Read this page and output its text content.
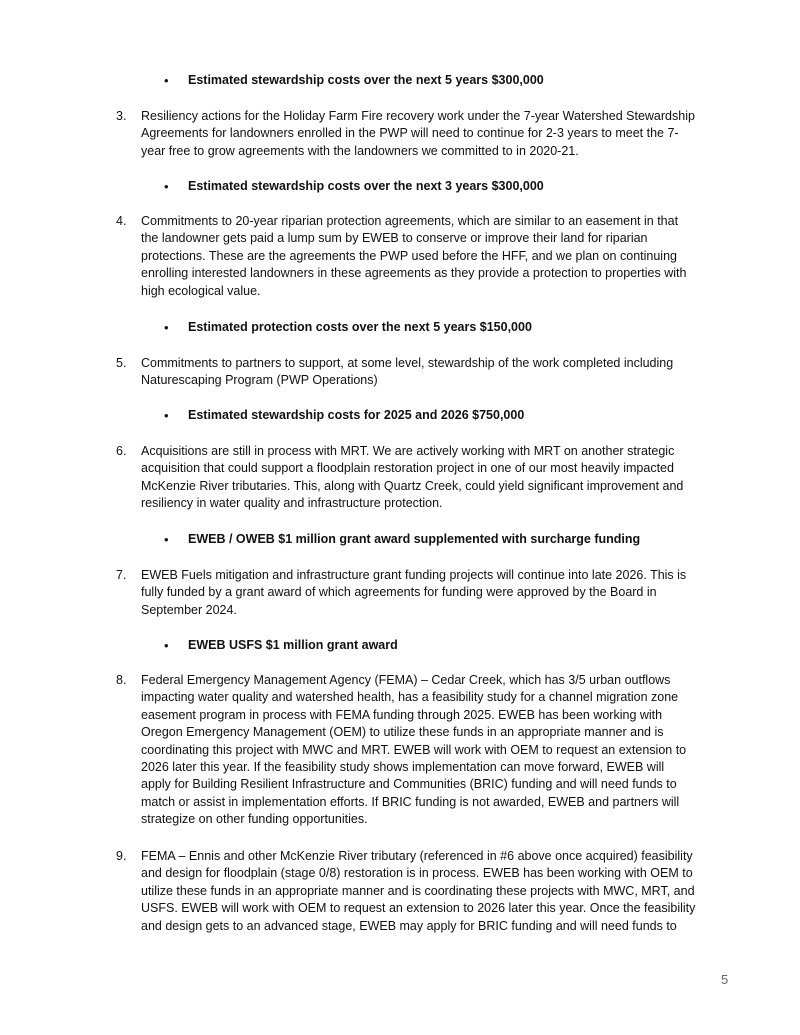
• Estimated stewardship costs over the next 5 years $300,000
3. Resiliency actions for the Holiday Farm Fire recovery work under the 7-year Watershed Stewardship
Agreements for landowners enrolled in the PWP will need to continue for 2-3 years to meet the 7-
year free to grow agreements with the landowners we committed to in 2020-21.
• Estimated stewardship costs over the next 3 years $300,000
4. Commitments to 20-year riparian protection agreements, which are similar to an easement in that
the landowner gets paid a lump sum by EWEB to conserve or improve their land for riparian
protections. These are the agreements the PWP used before the HFF, and we plan on continuing
enrolling interested landowners in these agreements as they provide a protection to properties with
high ecological value.
• Estimated protection costs over the next 5 years $150,000
5. Commitments to partners to support, at some level, stewardship of the work completed including
Naturescaping Program (PWP Operations)
• Estimated stewardship costs for 2025 and 2026 $750,000
6. Acquisitions are still in process with MRT. We are actively working with MRT on another strategic
acquisition that could support a floodplain restoration project in one of our most heavily impacted
McKenzie River tributaries. This, along with Quartz Creek, could yield significant improvement and
resiliency in water quality and infrastructure protection.
• EWEB / OWEB $1 million grant award supplemented with surcharge funding
7. EWEB Fuels mitigation and infrastructure grant funding projects will continue into late 2026. This is
fully funded by a grant award of which agreements for funding were approved by the Board in
September 2024.
• EWEB USFS $1 million grant award
8. Federal Emergency Management Agency (FEMA) – Cedar Creek, which has 3/5 urban outflows
impacting water quality and watershed health, has a feasibility study for a channel migration zone
easement program in process with FEMA funding through 2025. EWEB has been working with
Oregon Emergency Management (OEM) to utilize these funds in an appropriate manner and is
coordinating this project with MWC and MRT. EWEB will work with OEM to request an extension to
2026 later this year. If the feasibility study shows implementation can move forward, EWEB will
apply for Building Resilient Infrastructure and Communities (BRIC) funding and will need funds to
match or assist in implementation efforts. If BRIC funding is not awarded, EWEB and partners will
strategize on other funding opportunities.
9. FEMA – Ennis and other McKenzie River tributary (referenced in #6 above once acquired) feasibility
and design for floodplain (stage 0/8) restoration is in process. EWEB has been working with OEM to
utilize these funds in an appropriate manner and is coordinating these projects with MWC, MRT, and
USFS. EWEB will work with OEM to request an extension to 2026 later this year. Once the feasibility
and design gets to an advanced stage, EWEB may apply for BRIC funding and will need funds to
5
